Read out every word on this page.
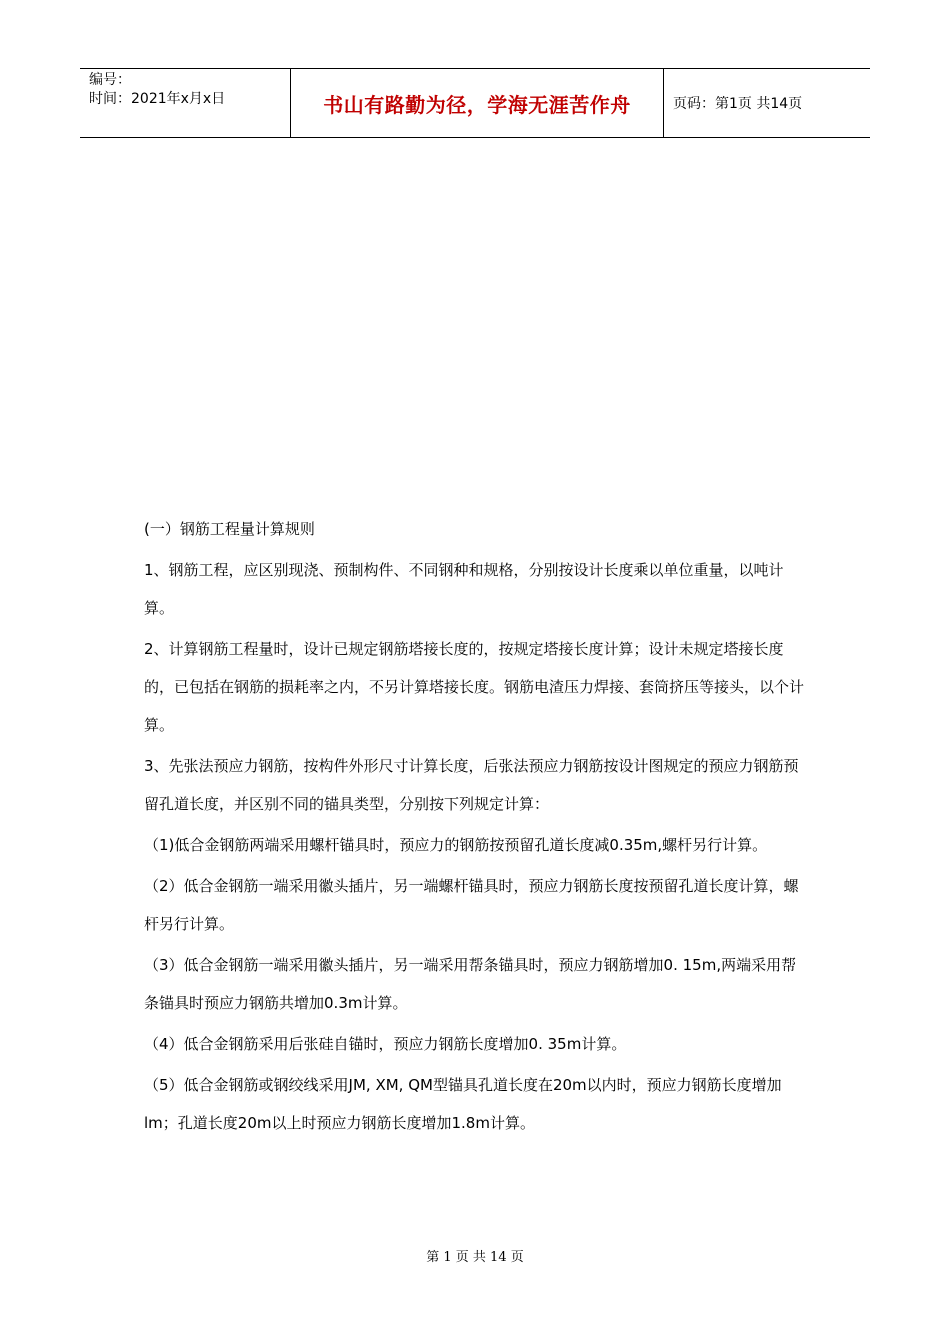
编号：
时间：2021年x月x日	书山有路勤为径，学海无涯苦作舟	页码：第1页 共14页

(一）钢筋工程量计算规则

1、钢筋工程，应区别现浇、预制构件、不同钢种和规格，分别按设计长度乘以单位重量，以吨计算。

2、计算钢筋工程量时，设计已规定钢筋塔接长度的，按规定塔接长度计算；设计未规定塔接长度的，已包括在钢筋的损耗率之内，不另计算塔接长度。钢筋电渣压力焊接、套筒挤压等接头，以个计算。

3、先张法预应力钢筋，按构件外形尺寸计算长度，后张法预应力钢筋按设计图规定的预应力钢筋预留孔道长度，并区别不同的锚具类型，分别按下列规定计算：

（1)低合金钢筋两端采用螺杆锚具时，预应力的钢筋按预留孔道长度减0.35m,螺杆另行计算。

（2）低合金钢筋一端采用徽头插片，另一端螺杆锚具时，预应力钢筋长度按预留孔道长度计算，螺杆另行计算。

（3）低合金钢筋一端采用徽头插片，另一端采用帮条锚具时，预应力钢筋增加0. 15m,两端采用帮条锚具时预应力钢筋共增加0.3m计算。

（4）低合金钢筋采用后张硅自锚时，预应力钢筋长度增加0. 35m计算。

（5）低合金钢筋或钢绞线采用JM, XM, QM型锚具孔道长度在20m以内时，预应力钢筋长度增加lm；孔道长度20m以上时预应力钢筋长度增加1.8m计算。

第 1 页 共 14 页
